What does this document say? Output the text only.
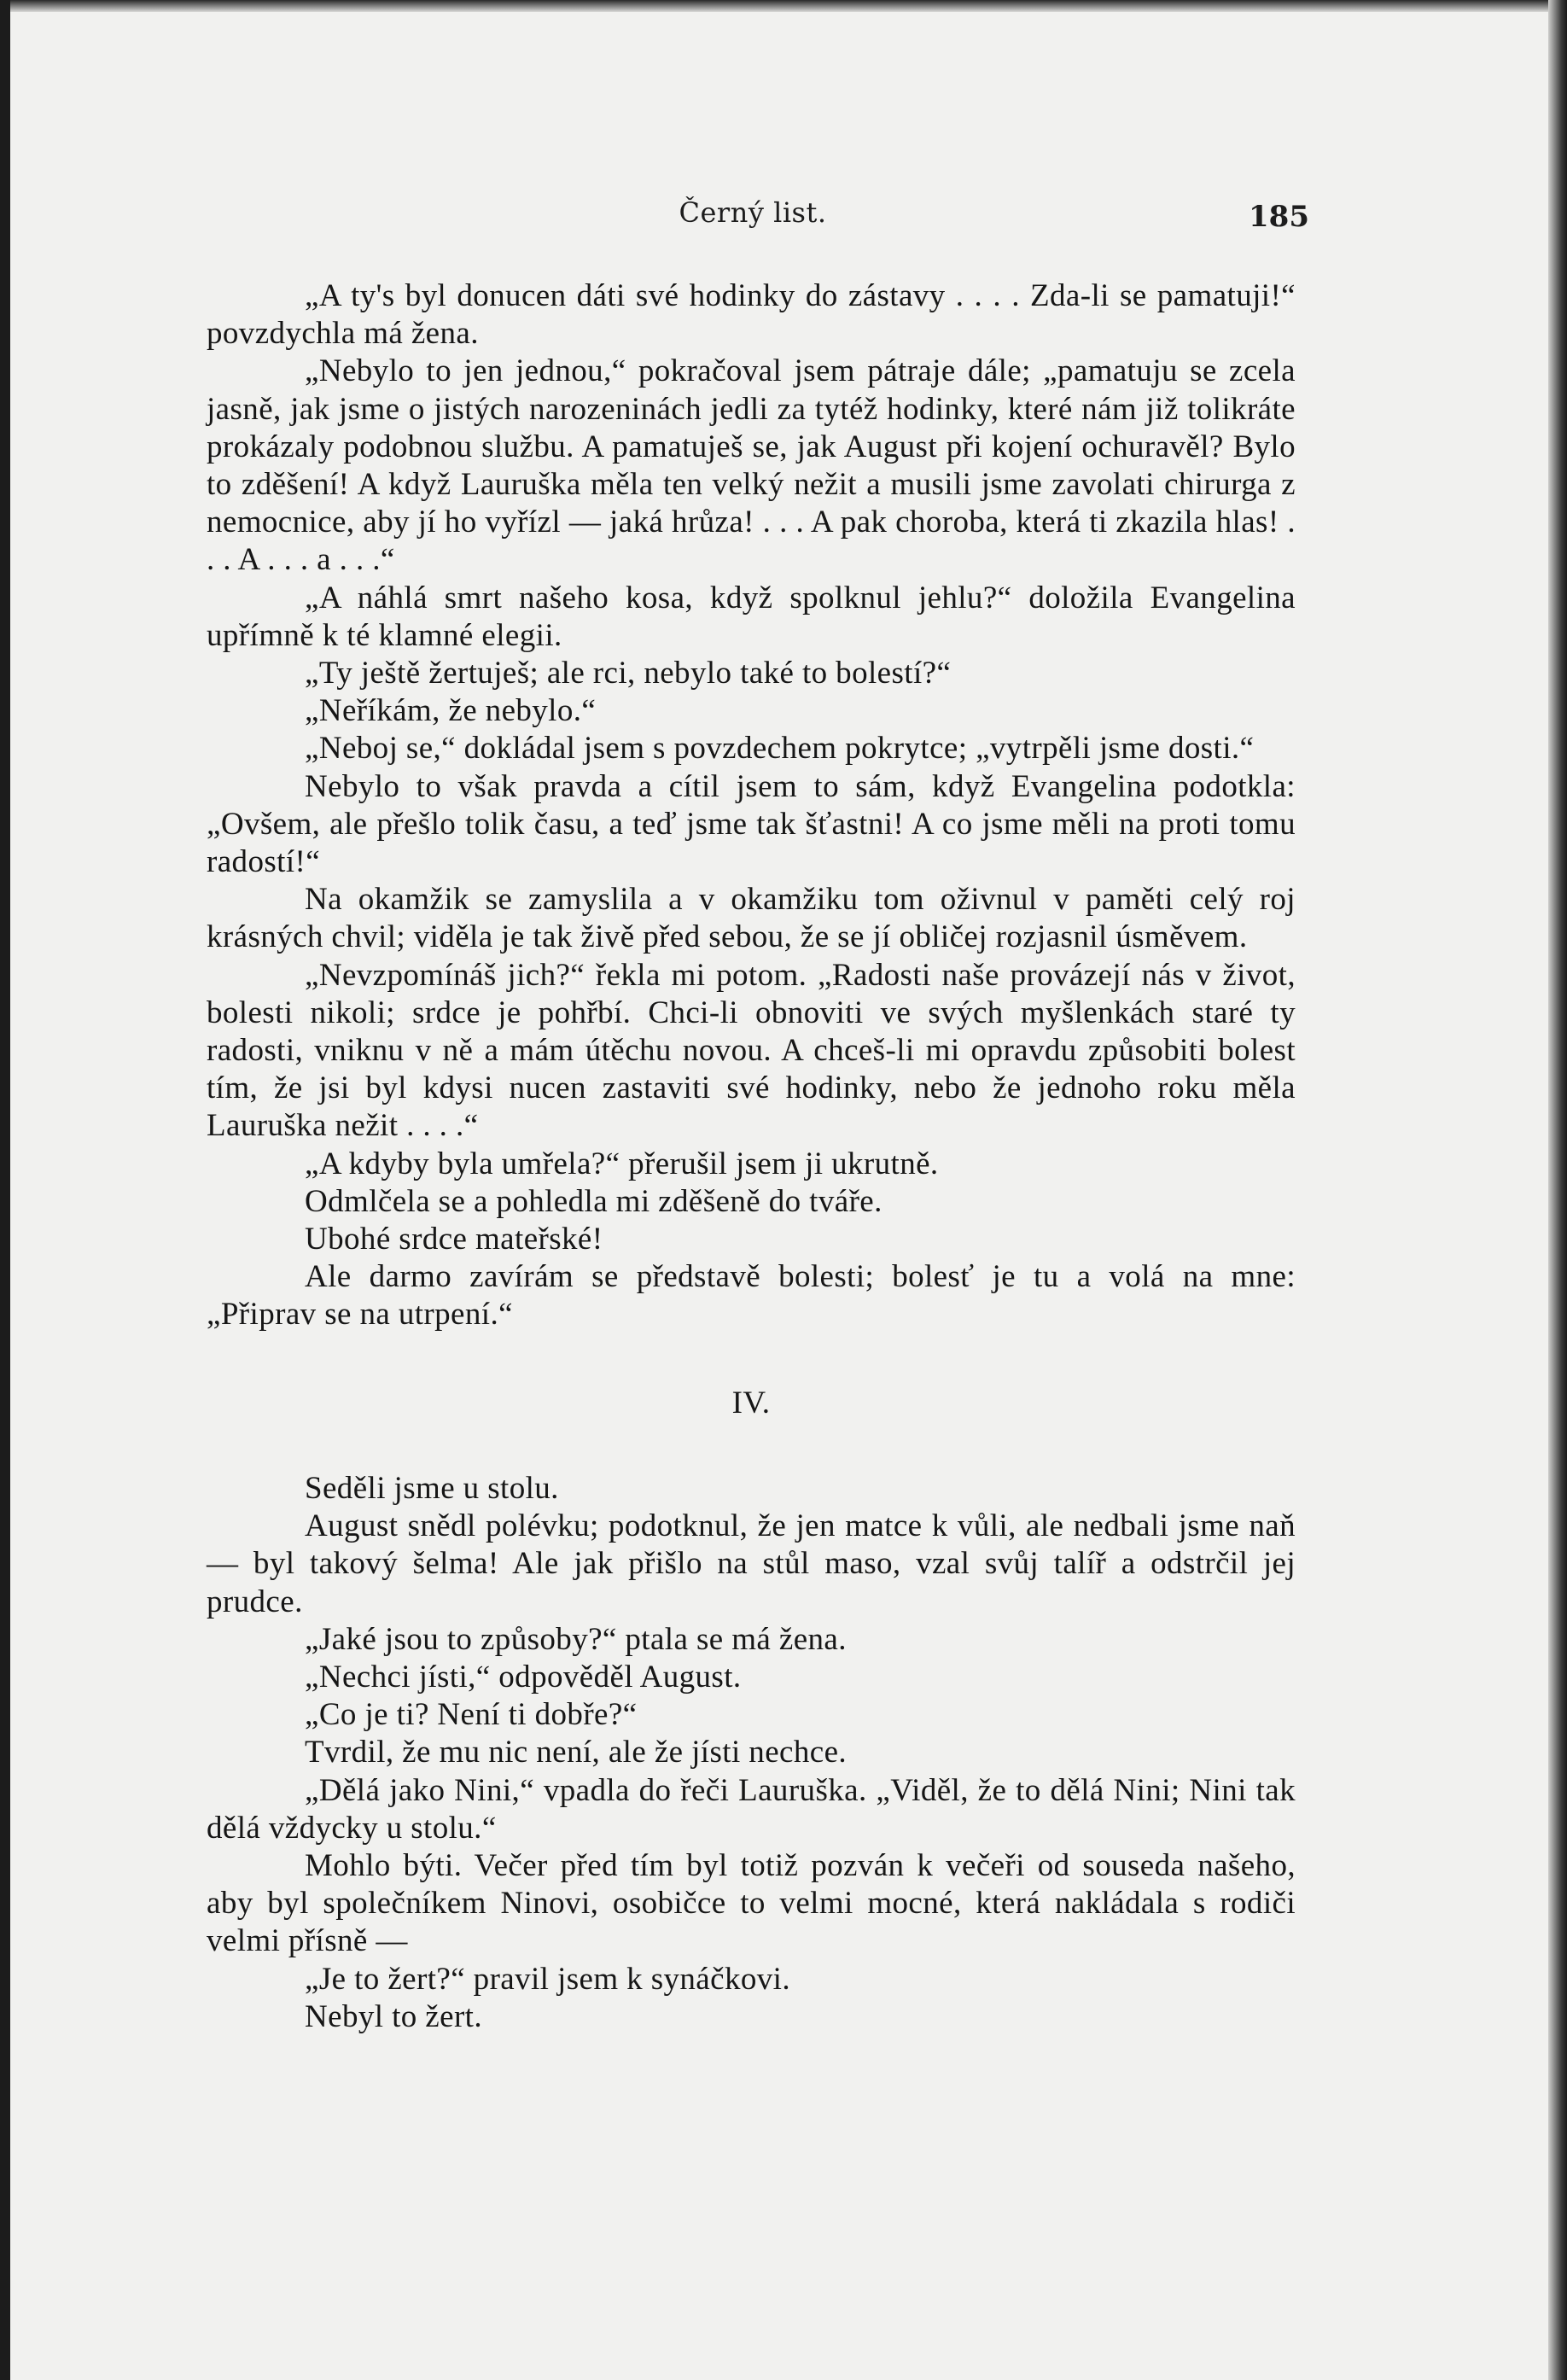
Černý list.	185

„A ty's byl donucen dáti své hodinky do zástavy . . . . Zda-li se pamatuji!“ povzdychla má žena.

„Nebylo to jen jednou,“ pokračoval jsem pátraje dále; „pamatuju se zcela jasně, jak jsme o jistých narozeninách jedli za tytéž hodinky, které nám již tolikráte prokázaly podobnou službu. A pamatuješ se, jak August při kojení ochuravěl? Bylo to zděšení! A když Lauruška měla ten velký nežit a musili jsme zavolati chirurga z nemocnice, aby jí ho vyřízl — jaká hrůza! . . . A pak choroba, která ti zkazila hlas! . . . A . . . a . . .“

„A náhlá smrt našeho kosa, když spolknul jehlu?“ doložila Evangelina upřímně k té klamné elegii.

„Ty ještě žertuješ; ale rci, nebylo také to bolestí?“

„Neříkám, že nebylo.“

„Neboj se,“ dokládal jsem s povzdechem pokrytce; „vytrpěli jsme dosti.“

Nebylo to však pravda a cítil jsem to sám, když Evangelina podotkla: „Ovšem, ale přešlo tolik času, a teď jsme tak šťastni! A co jsme měli na proti tomu radostí!“

Na okamžik se zamyslila a v okamžiku tom oživnul v paměti celý roj krásných chvil; viděla je tak živě před sebou, že se jí obličej rozjasnil úsměvem.

„Nevzpomínáš jich?“ řekla mi potom. „Radosti naše provázejí nás v život, bolesti nikoli; srdce je pohřbí. Chci-li obnoviti ve svých myšlenkách staré ty radosti, vniknu v ně a mám útěchu novou. A chceš-li mi opravdu způsobiti bolest tím, že jsi byl kdysi nucen zastaviti své hodinky, nebo že jednoho roku měla Lauruška nežit . . . .“

„A kdyby byla umřela?“ přerušil jsem ji ukrutně.

Odmlčela se a pohledla mi zděšeně do tváře.

Ubohé srdce mateřské!

Ale darmo zavírám se představě bolesti; bolesť je tu a volá na mne: „Připrav se na utrpení.“

IV.

Seděli jsme u stolu.

August snědl polévku; podotknul, že jen matce k vůli, ale nedbali jsme naň — byl takový šelma! Ale jak přišlo na stůl maso, vzal svůj talíř a odstrčil jej prudce.

„Jaké jsou to způsoby?“ ptala se má žena.

„Nechci jísti,“ odpověděl August.

„Co je ti? Není ti dobře?“

Tvrdil, že mu nic není, ale že jísti nechce.

„Dělá jako Nini,“ vpadla do řeči Lauruška. „Viděl, že to dělá Nini; Nini tak dělá vždycky u stolu.“

Mohlo býti. Večer před tím byl totiž pozván k večeři od souseda našeho, aby byl společníkem Ninovi, osobičce to velmi mocné, která nakládala s rodiči velmi přísně —

„Je to žert?“ pravil jsem k synáčkovi.

Nebyl to žert.
